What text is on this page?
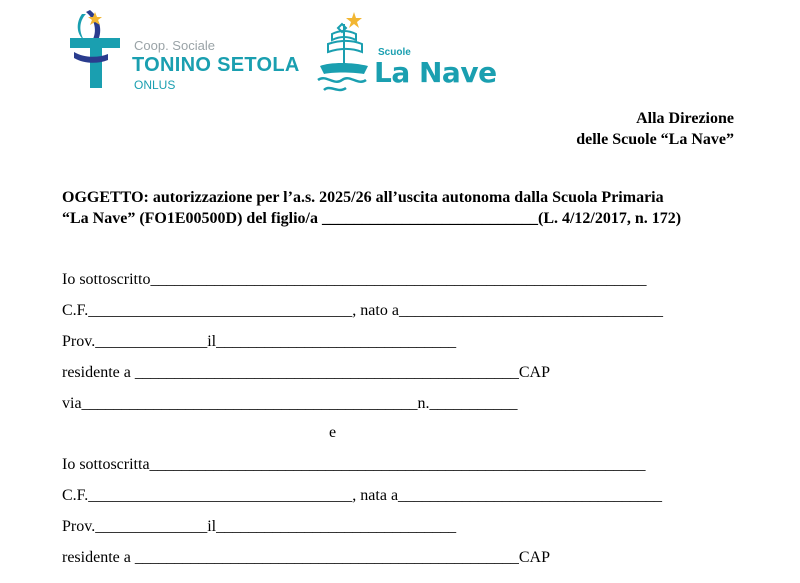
Coop. Sociale
TONINO SETOLA
ONLUS
Scuole
La Nave
Alla Direzione
delle Scuole “La Nave”
OGGETTO: autorizzazione per l’a.s. 2025/26 all’uscita autonoma dalla Scuola Primaria
“La Nave” (FO1E00500D) del figlio/a ___________________________(L. 4/12/2017, n. 172)
Io sottoscritto______________________________________________________________
C.F._________________________________, nato a_________________________________
Prov.______________il______________________________
residente a ________________________________________________CAP
via__________________________________________n.___________
e
Io sottoscritta______________________________________________________________
C.F._________________________________, nata a_________________________________
Prov.______________il______________________________
residente a ________________________________________________CAP
